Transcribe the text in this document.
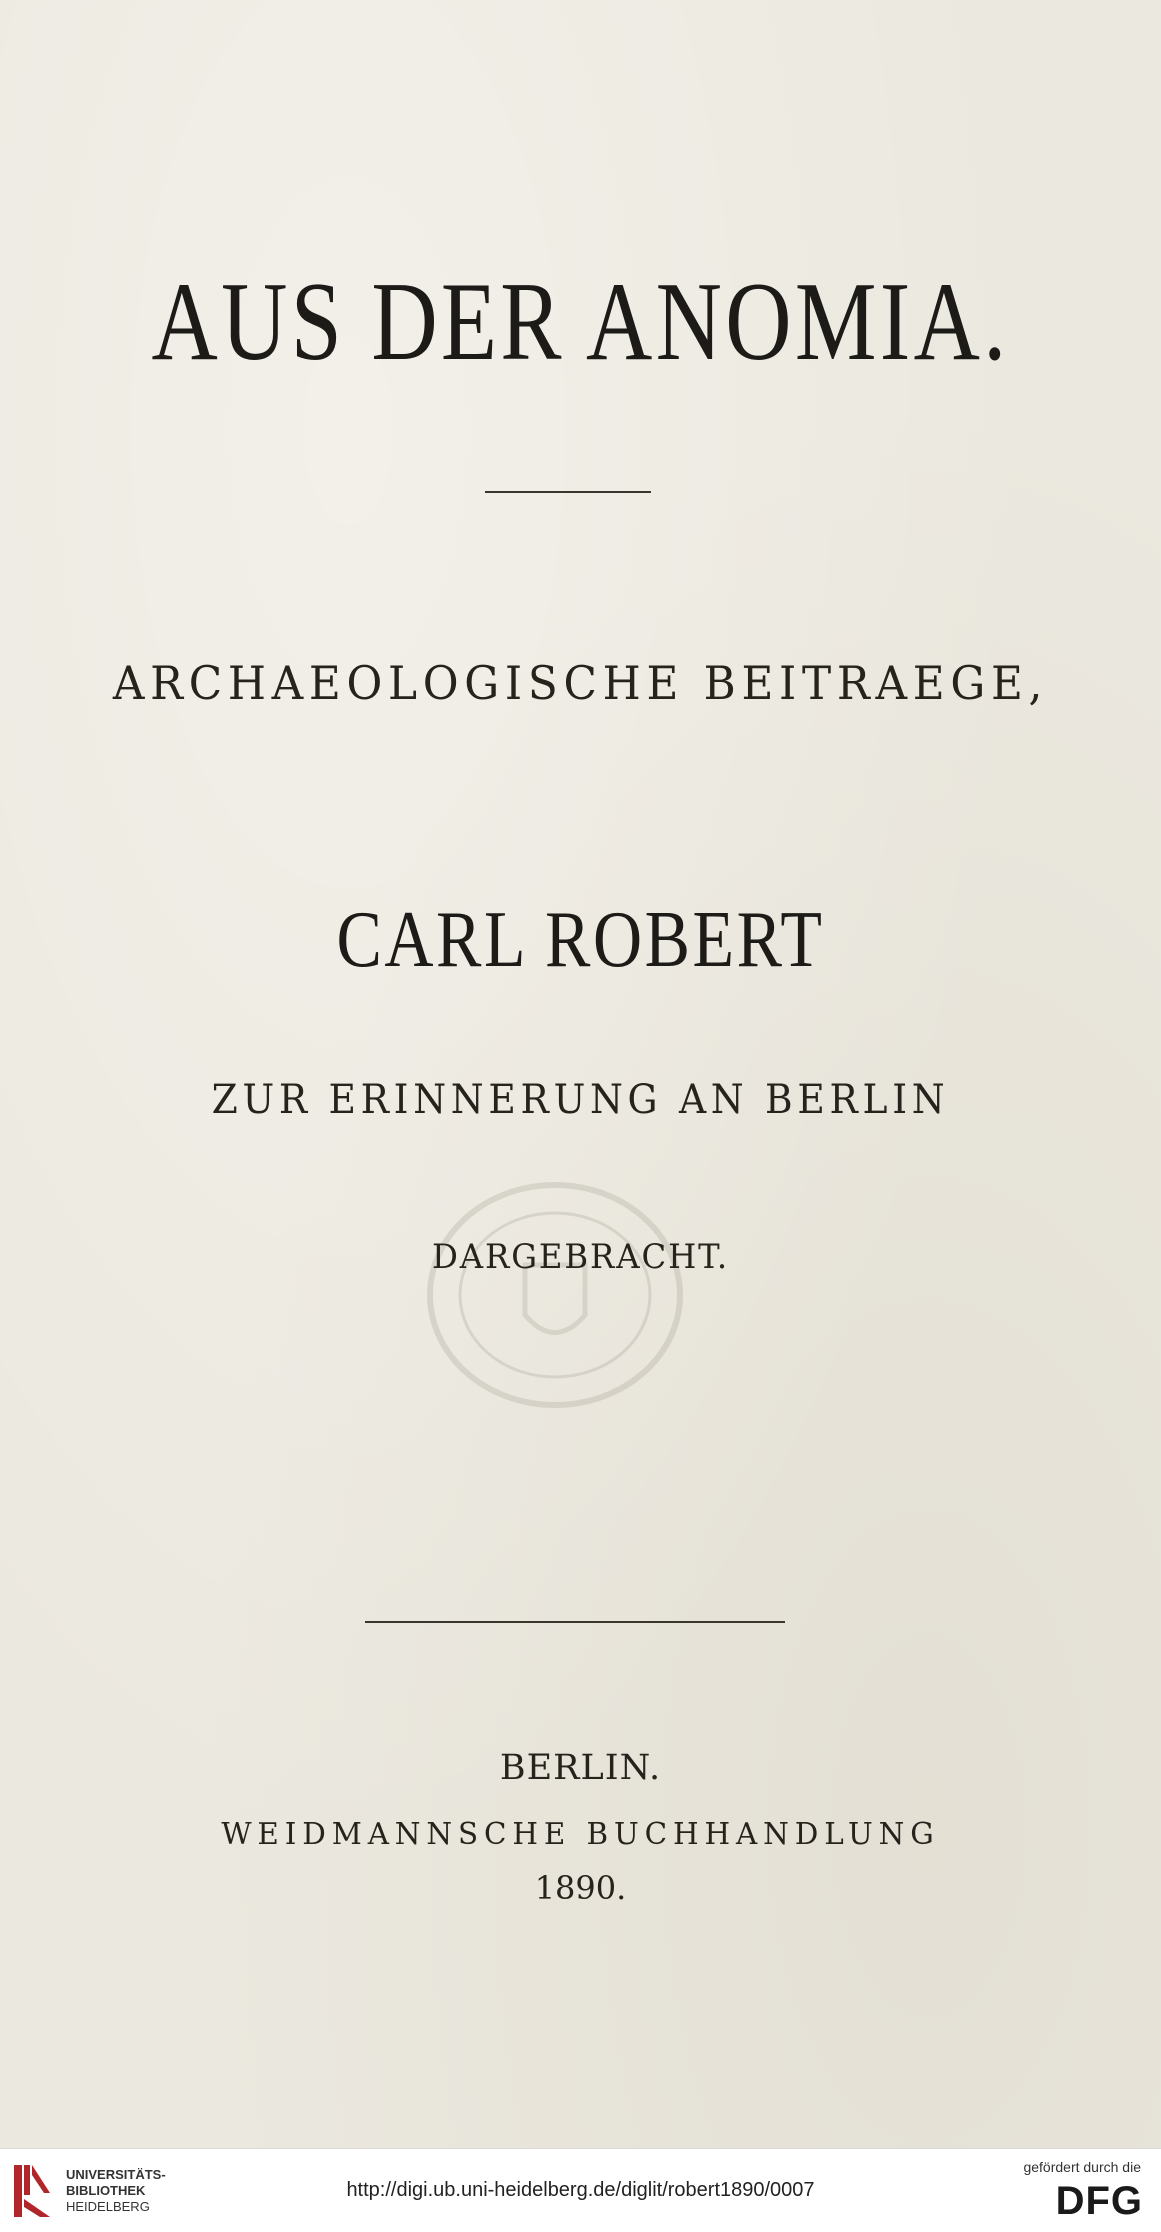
AUS DER ANOMIA.
ARCHAEOLOGISCHE BEITRAEGE,
CARL ROBERT
ZUR ERINNERUNG AN BERLIN
DARGEBRACHT.
BERLIN.
WEIDMANNSCHE BUCHHANDLUNG
1890.
UNIVERSITÄTS-
BIBLIOTHEK
HEIDELBERG
http://digi.ub.uni-heidelberg.de/diglit/robert1890/0007
gefördert durch die
DFG
